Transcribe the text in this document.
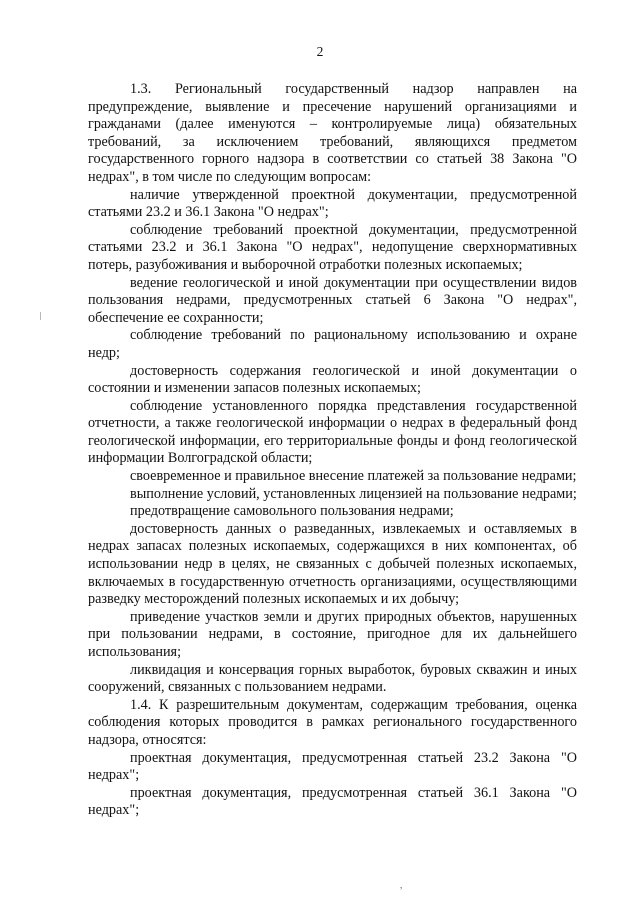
2

1.3. Региональный государственный надзор направлен на предупреждение, выявление и пресечение нарушений организациями и гражданами (далее именуются – контролируемые лица) обязательных требований, за исключением требований, являющихся предметом государственного горного надзора в соответствии со статьей 38 Закона "О недрах", в том числе по следующим вопросам:

наличие утвержденной проектной документации, предусмотренной статьями 23.2 и 36.1 Закона "О недрах";

соблюдение требований проектной документации, предусмотренной статьями 23.2 и 36.1 Закона "О недрах", недопущение сверхнормативных потерь, разубоживания и выборочной отработки полезных ископаемых;

ведение геологической и иной документации при осуществлении видов пользования недрами, предусмотренных статьей 6 Закона "О недрах", обеспечение ее сохранности;

соблюдение требований по рациональному использованию и охране недр;

достоверность содержания геологической и иной документации о состоянии и изменении запасов полезных ископаемых;

соблюдение установленного порядка представления государственной отчетности, а также геологической информации о недрах в федеральный фонд геологической информации, его территориальные фонды и фонд геологической информации Волгоградской области;

своевременное и правильное внесение платежей за пользование недрами;

выполнение условий, установленных лицензией на пользование недрами;

предотвращение самовольного пользования недрами;

достоверность данных о разведанных, извлекаемых и оставляемых в недрах запасах полезных ископаемых, содержащихся в них компонентах, об использовании недр в целях, не связанных с добычей полезных ископаемых, включаемых в государственную отчетность организациями, осуществляющими разведку месторождений полезных ископаемых и их добычу;

приведение участков земли и других природных объектов, нарушенных при пользовании недрами, в состояние, пригодное для их дальнейшего использования;

ликвидация и консервация горных выработок, буровых скважин и иных сооружений, связанных с пользованием недрами.

1.4. К разрешительным документам, содержащим требования, оценка соблюдения которых проводится в рамках регионального государственного надзора, относятся:

проектная документация, предусмотренная статьей 23.2 Закона "О недрах";

проектная документация, предусмотренная статьей 36.1 Закона "О недрах";

,
